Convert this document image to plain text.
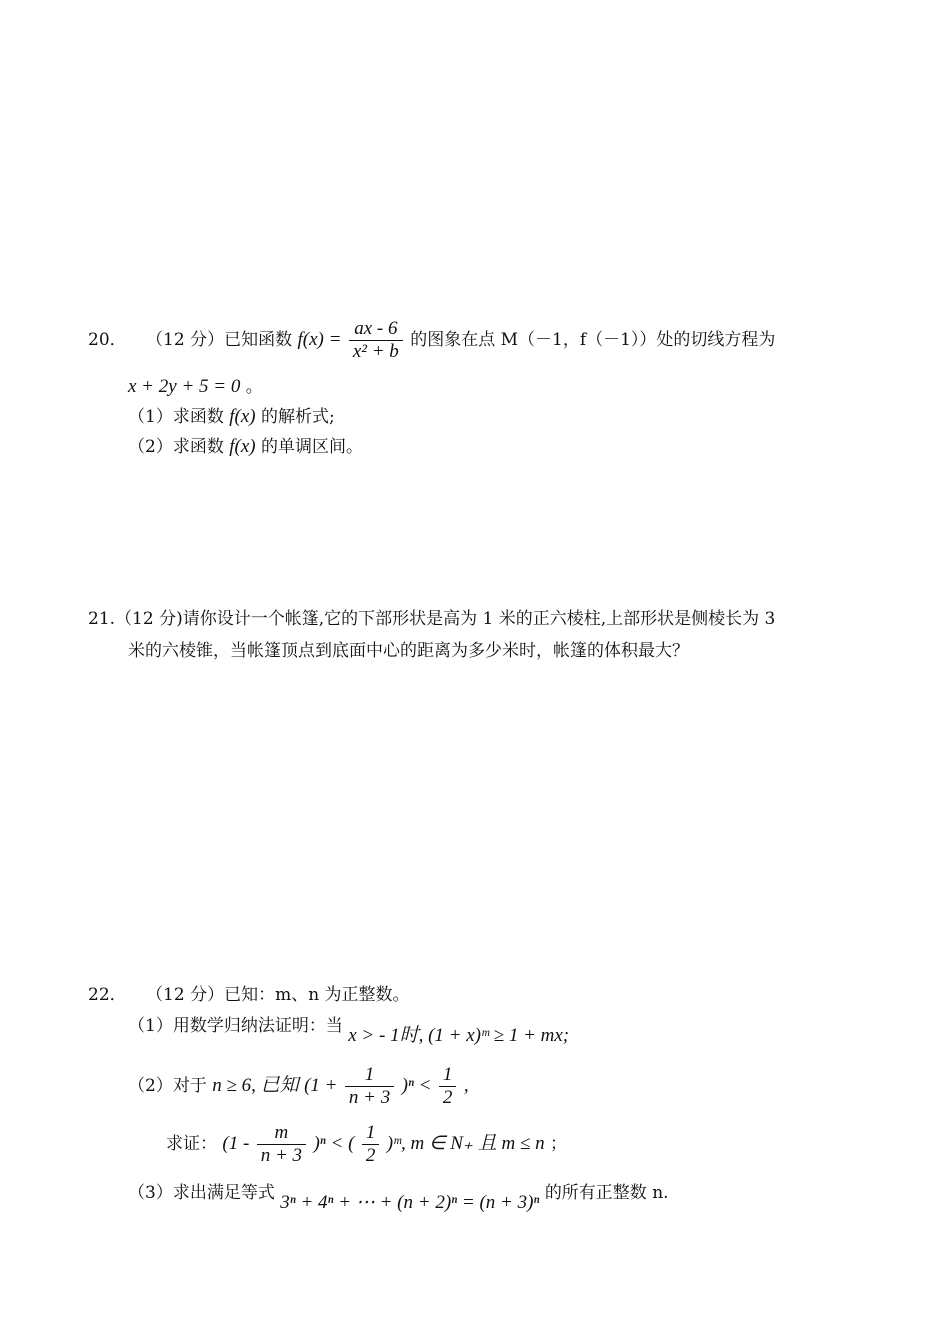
20． （12 分）已知函数 $f(x) = \frac{ax - 6}{\text{x² + b}}$ 的图象在点 M（－1，f（－1））处的切线方程为
x + 2y + 5 = 0 。
（1）求函数 f(x) 的解析式;
（2）求函数 f(x) 的单调区间。
21.（12 分)请你设计一个帐篷,它的下部形状是高为 1 米的正六棱柱,上部形状是侧棱长为 3
米的六棱锥，当帐篷顶点到底面中心的距离为多少米时，帐篷的体积最大？
22． （12 分）已知：m、n 为正整数。
（1）用数学归纳法证明：当 x > - 1时, (1 + x)ᵐ ≥ 1 + mx;
（2）对于 n ≥ 6, 已知 $(1 + \frac{1}{n + 3} )^n < \frac{1}{2}$ ,
求证： $(1 - \frac{m}{n + 3} )^n$ < ( $\frac{1}{2}$ )ᵐ, m ∈ N₊ 且 m ≤ n ；
（3）求出满足等式 3ⁿ + 4ⁿ + ⋯ + (n + 2)ⁿ = (n + 3)ⁿ 的所有正整数 n.
